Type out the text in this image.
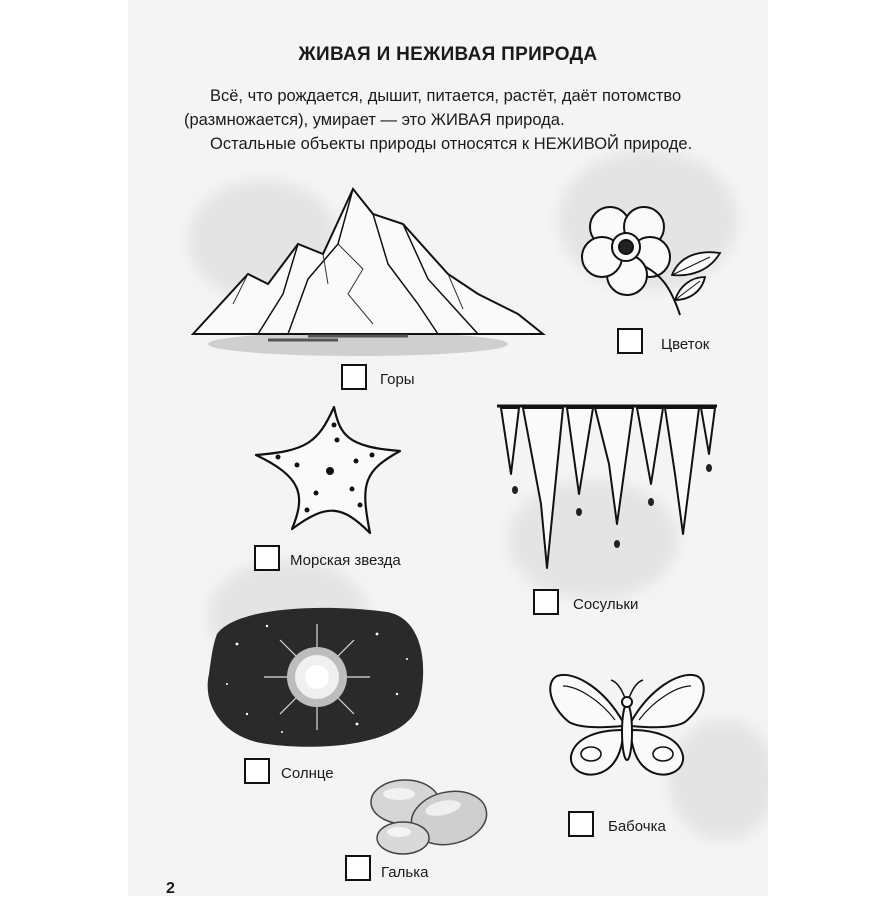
ЖИВАЯ И НЕЖИВАЯ ПРИРОДА
Всё, что рождается, дышит, питается, растёт, даёт потомство
(размножается), умирает — это ЖИВАЯ природа.
Остальные объекты природы относятся к НЕЖИВОЙ природе.
Горы
Цветок
Морская звезда
Сосульки
Солнце
Бабочка
Галька
2
